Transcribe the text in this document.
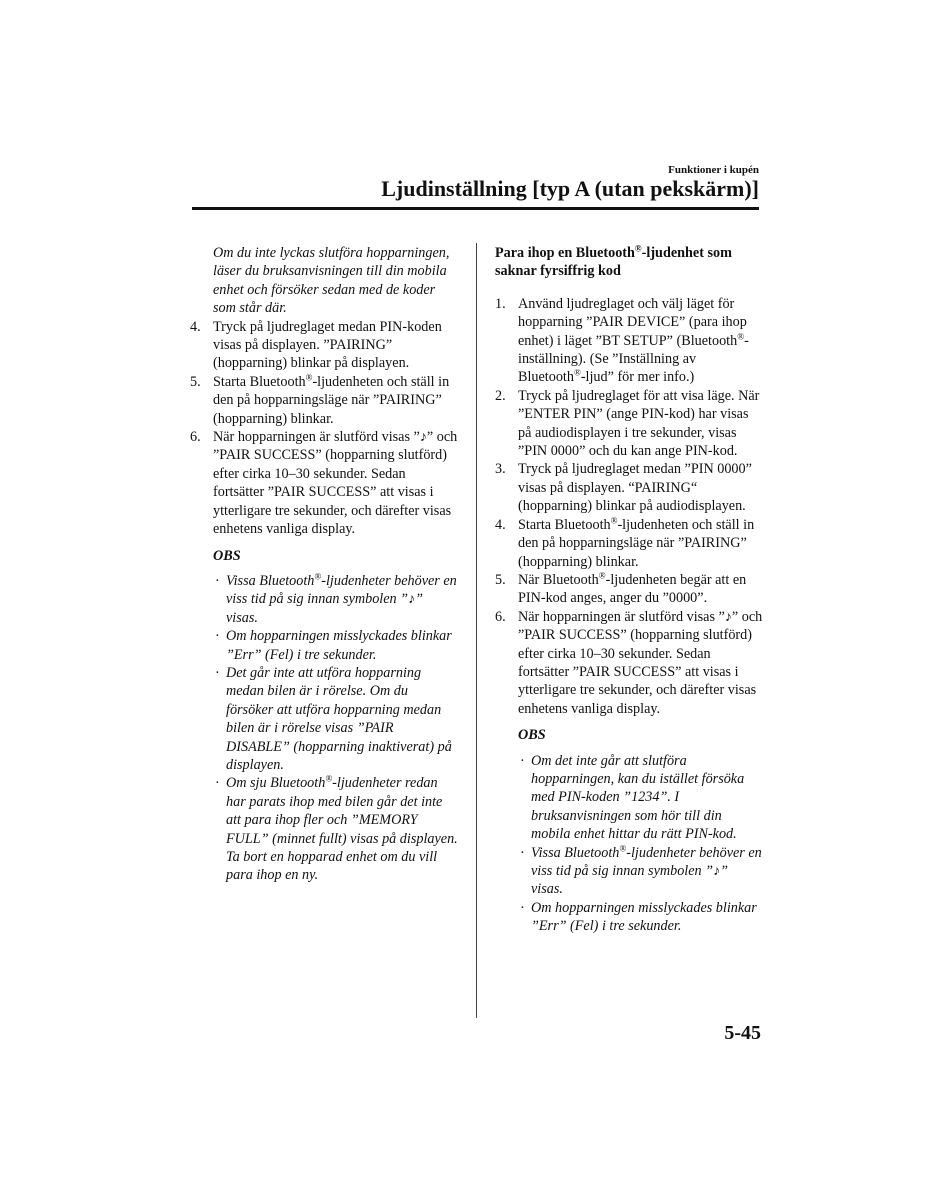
Funktioner i kupén
Ljudinställning [typ A (utan pekskärm)]
Om du inte lyckas slutföra hopparningen, läser du bruksanvisningen till din mobila enhet och försöker sedan med de koder som står där.
4. Tryck på ljudreglaget medan PIN-koden visas på displayen. ”PAIRING” (hopparning) blinkar på displayen.
5. Starta Bluetooth®-ljudenheten och ställ in den på hopparningsläge när ”PAIRING” (hopparning) blinkar.
6. När hopparningen är slutförd visas ”♪” och ”PAIR SUCCESS” (hopparning slutförd) efter cirka 10–30 sekunder. Sedan fortsätter ”PAIR SUCCESS” att visas i ytterligare tre sekunder, och därefter visas enhetens vanliga display.
OBS
· Vissa Bluetooth®-ljudenheter behöver en viss tid på sig innan symbolen ”♪” visas.
· Om hopparningen misslyckades blinkar ”Err” (Fel) i tre sekunder.
· Det går inte att utföra hopparning medan bilen är i rörelse. Om du försöker att utföra hopparning medan bilen är i rörelse visas ”PAIR DISABLE” (hopparning inaktiverat) på displayen.
· Om sju Bluetooth®-ljudenheter redan har parats ihop med bilen går det inte att para ihop fler och ”MEMORY FULL” (minnet fullt) visas på displayen. Ta bort en hopparad enhet om du vill para ihop en ny.
Para ihop en Bluetooth®-ljudenhet som saknar fyrsiffrig kod
1. Använd ljudreglaget och välj läget för hopparning ”PAIR DEVICE” (para ihop enhet) i läget ”BT SETUP” (Bluetooth®-inställning). (Se ”Inställning av Bluetooth®-ljud” för mer info.)
2. Tryck på ljudreglaget för att visa läge. När ”ENTER PIN” (ange PIN-kod) har visas på audiodisplayen i tre sekunder, visas ”PIN 0000” och du kan ange PIN-kod.
3. Tryck på ljudreglaget medan ”PIN 0000” visas på displayen. “PAIRING“ (hopparning) blinkar på audiodisplayen.
4. Starta Bluetooth®-ljudenheten och ställ in den på hopparningsläge när ”PAIRING” (hopparning) blinkar.
5. När Bluetooth®-ljudenheten begär att en PIN-kod anges, anger du ”0000”.
6. När hopparningen är slutförd visas ”♪” och ”PAIR SUCCESS” (hopparning slutförd) efter cirka 10–30 sekunder. Sedan fortsätter ”PAIR SUCCESS” att visas i ytterligare tre sekunder, och därefter visas enhetens vanliga display.
OBS
· Om det inte går att slutföra hopparningen, kan du istället försöka med PIN-koden ”1234”. I bruksanvisningen som hör till din mobila enhet hittar du rätt PIN-kod.
· Vissa Bluetooth®-ljudenheter behöver en viss tid på sig innan symbolen ”♪” visas.
· Om hopparningen misslyckades blinkar ”Err” (Fel) i tre sekunder.
5-45
